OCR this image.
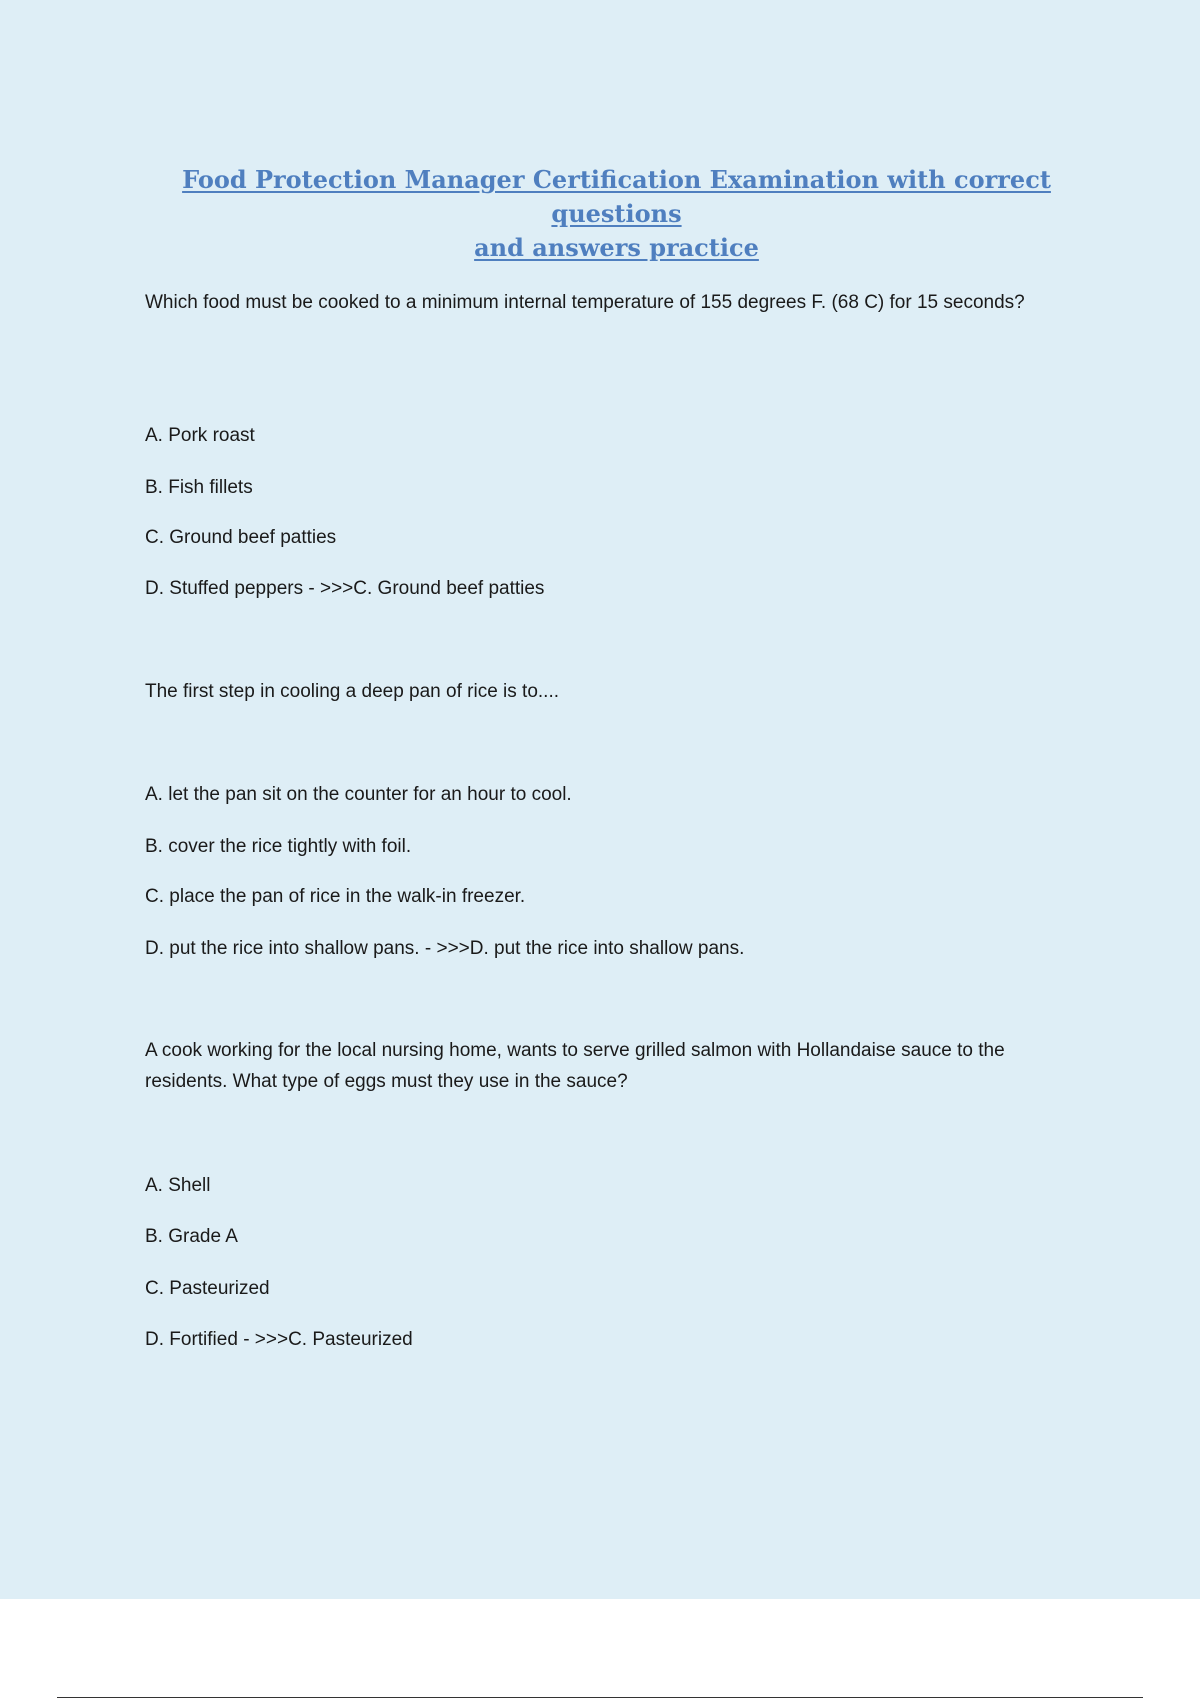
Food Protection Manager Certification Examination with correct questions
and answers practice
Which food must be cooked to a minimum internal temperature of 155 degrees F. (68 C) for 15 seconds?
A. Pork roast
B. Fish fillets
C. Ground beef patties
D. Stuffed peppers - >>>C. Ground beef patties
The first step in cooling a deep pan of rice is to....
A. let the pan sit on the counter for an hour to cool.
B. cover the rice tightly with foil.
C. place the pan of rice in the walk-in freezer.
D. put the rice into shallow pans. - >>>D. put the rice into shallow pans.
A cook working for the local nursing home, wants to serve grilled salmon with Hollandaise sauce to the residents. What type of eggs must they use in the sauce?
A. Shell
B. Grade A
C. Pasteurized
D. Fortified - >>>C. Pasteurized
